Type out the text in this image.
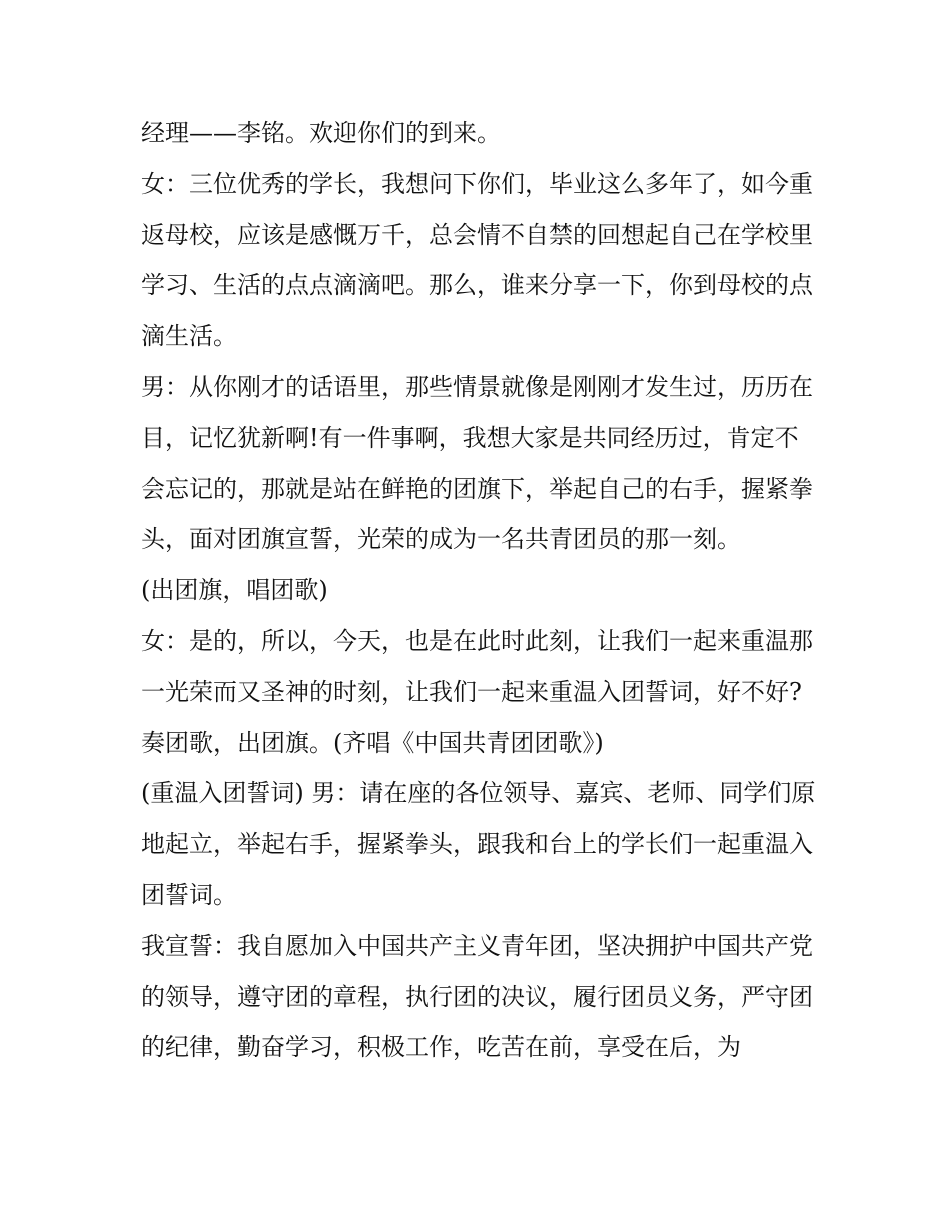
经理——李铭。欢迎你们的到来。

女：三位优秀的学长，我想问下你们，毕业这么多年了，如今重返母校，应该是感慨万千，总会情不自禁的回想起自己在学校里学习、生活的点点滴滴吧。那么，谁来分享一下，你到母校的点滴生活。

男：从你刚才的话语里，那些情景就像是刚刚才发生过，历历在目，记忆犹新啊!有一件事啊，我想大家是共同经历过，肯定不会忘记的，那就是站在鲜艳的团旗下，举起自己的右手，握紧拳头，面对团旗宣誓，光荣的成为一名共青团员的那一刻。

(出团旗，唱团歌)

女：是的，所以，今天，也是在此时此刻，让我们一起来重温那一光荣而又圣神的时刻，让我们一起来重温入团誓词，好不好?奏团歌，出团旗。(齐唱《中国共青团团歌》)

(重温入团誓词) 男：请在座的各位领导、嘉宾、老师、同学们原地起立，举起右手，握紧拳头，跟我和台上的学长们一起重温入团誓词。

我宣誓：我自愿加入中国共产主义青年团，坚决拥护中国共产党的领导，遵守团的章程，执行团的决议，履行团员义务，严守团的纪律，勤奋学习，积极工作，吃苦在前，享受在后，为
